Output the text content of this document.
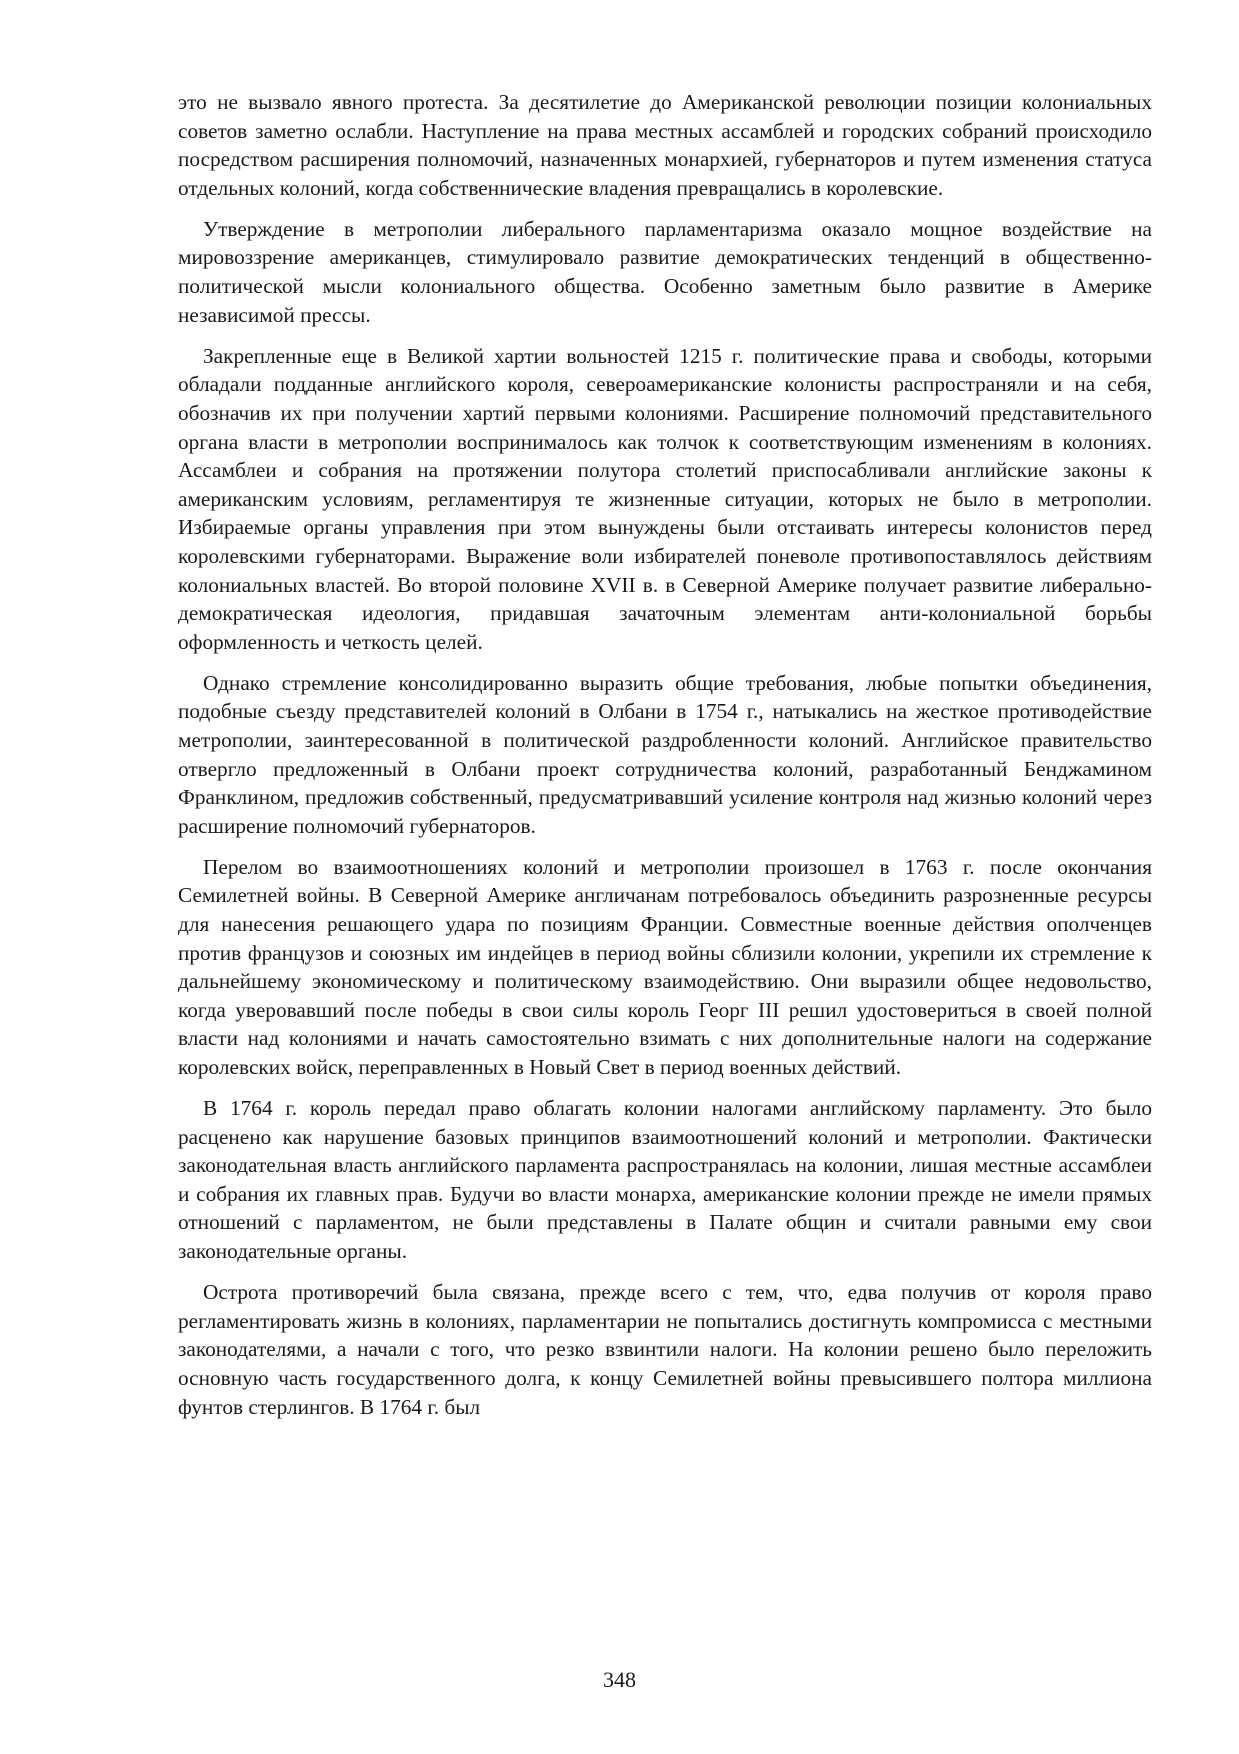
это не вызвало явного протеста. За десятилетие до Американской революции позиции колониальных советов заметно ослабли. Наступление на права местных ассамблей и городских собраний происходило посредством расширения полномочий, назначенных монархией, губернаторов и путем изменения статуса отдельных колоний, когда собственнические владения превращались в королевские.

Утверждение в метрополии либерального парламентаризма оказало мощное воздействие на мировоззрение американцев, стимулировало развитие демократических тенденций в общественно-политической мысли колониального общества. Особенно заметным было развитие в Америке независимой прессы.

Закрепленные еще в Великой хартии вольностей 1215 г. политические права и свободы, которыми обладали подданные английского короля, североамериканские колонисты распространяли и на себя, обозначив их при получении хартий первыми колониями. Расширение полномочий представительного органа власти в метрополии воспринималось как толчок к соответствующим изменениям в колониях. Ассамблеи и собрания на протяжении полутора столетий приспосабливали английские законы к американским условиям, регламентируя те жизненные ситуации, которых не было в метрополии. Избираемые органы управления при этом вынуждены были отстаивать интересы колонистов перед королевскими губернаторами. Выражение воли избирателей поневоле противопоставлялось действиям колониальных властей. Во второй половине XVII в. в Северной Америке получает развитие либерально-демократическая идеология, придавшая зачаточным элементам анти-колониальной борьбы оформленность и четкость целей.

Однако стремление консолидированно выразить общие требования, любые попытки объединения, подобные съезду представителей колоний в Олбани в 1754 г., натыкались на жесткое противодействие метрополии, заинтересованной в политической раздробленности колоний. Английское правительство отвергло предложенный в Олбани проект сотрудничества колоний, разработанный Бенджамином Франклином, предложив собственный, предусматривавший усиление контроля над жизнью колоний через расширение полномочий губернаторов.

Перелом во взаимоотношениях колоний и метрополии произошел в 1763 г. после окончания Семилетней войны. В Северной Америке англичанам потребовалось объединить разрозненные ресурсы для нанесения решающего удара по позициям Франции. Совместные военные действия ополченцев против французов и союзных им индейцев в период войны сблизили колонии, укрепили их стремление к дальнейшему экономическому и политическому взаимодействию. Они выразили общее недовольство, когда уверовавший после победы в свои силы король Георг III решил удостовериться в своей полной власти над колониями и начать самостоятельно взимать с них дополнительные налоги на содержание королевских войск, переправленных в Новый Свет в период военных действий.

В 1764 г. король передал право облагать колонии налогами английскому парламенту. Это было расценено как нарушение базовых принципов взаимоотношений колоний и метрополии. Фактически законодательная власть английского парламента распространялась на колонии, лишая местные ассамблеи и собрания их главных прав. Будучи во власти монарха, американские колонии прежде не имели прямых отношений с парламентом, не были представлены в Палате общин и считали равными ему свои законодательные органы.

Острота противоречий была связана, прежде всего с тем, что, едва получив от короля право регламентировать жизнь в колониях, парламентарии не попытались достигнуть компромисса с местными законодателями, а начали с того, что резко взвинтили налоги. На колонии решено было переложить основную часть государственного долга, к концу Семилетней войны превысившего полтора миллиона фунтов стерлингов. В 1764 г. был

348
